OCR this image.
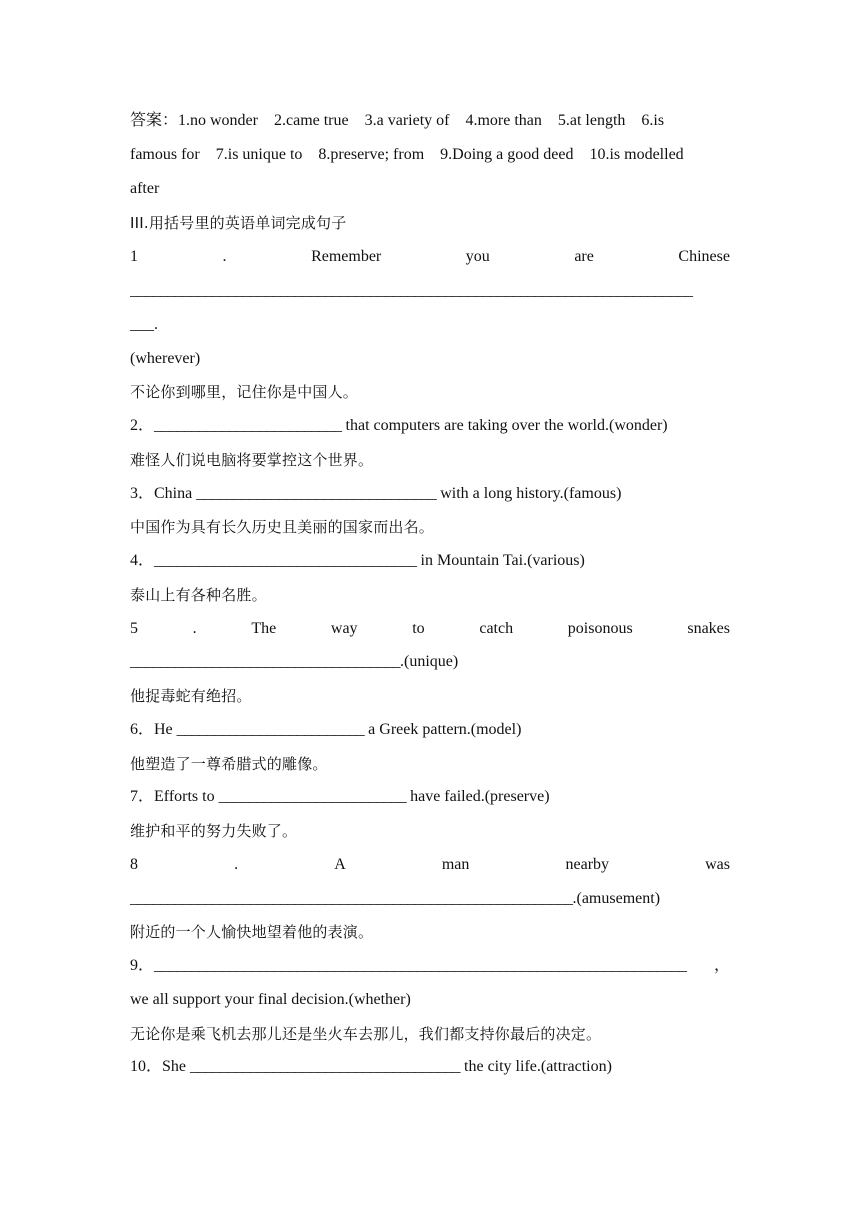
答案：1.no wonder　2.came true　3.a variety of　4.more than　5.at length　6.is
famous for　7.is unique to　8.preserve; from　9.Doing a good deed　10.is modelled
after
III.用括号里的英语单词完成句子
1	.	Remember	you	are	Chinese
___________________________________________________________________________
___.
(wherever)
不论你到哪里，记住你是中国人。
2．_________________________ that computers are taking over the world.(wonder)
难怪人们说电脑将要掌控这个世界。
3．China ________________________________ with a long history.(famous)
中国作为具有长久历史且美丽的国家而出名。
4．___________________________________ in Mountain Tai.(various)
泰山上有各种名胜。
5	.	The	way	to	catch	poisonous	snakes
____________________________________.(unique)
他捉毒蛇有绝招。
6．He _________________________ a Greek pattern.(model)
他塑造了一尊希腊式的雕像。
7．Efforts to _________________________ have failed.(preserve)
维护和平的努力失败了。
8	.	A	man	nearby	was
___________________________________________________________.(amusement)
附近的一个人愉快地望着他的表演。
9．_______________________________________________________________________ ，
we all support your final decision.(whether)
无论你是乘飞机去那儿还是坐火车去那儿，我们都支持你最后的决定。
10．She ____________________________________ the city life.(attraction)
